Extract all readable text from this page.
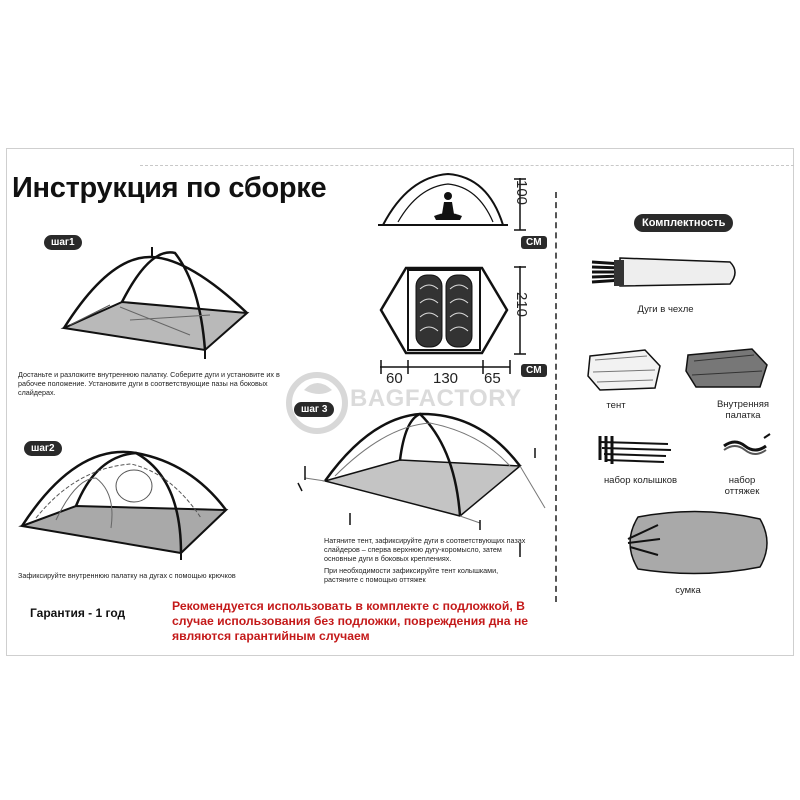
Инструкция по сборке
шаг1
Достаньте и разложите внутреннюю палатку. Соберите дуги и установите их в рабочее положение. Установите дуги в соответствующие пазы на боковых слайдерах.
шаг2
Зафиксируйте внутреннюю палатку на дугах с помощью крючков
шаг 3
Натяните тент, зафиксируйте дуги в соответствующих пазах слайдеров – сперва верхнюю дугу-коромысло, затем основные дуги в боковых креплениях.
При необходимости зафиксируйте тент колышками, растяните с помощью оттяжек
100
CM
210
CM
60 130 65
BAGFACTORY
Комплектность
Дуги в чехле
тент	Внутренняя палатка
набор колышков	набор оттяжек
сумка
Гарантия - 1 год	Рекомендуется использовать в комплекте с подложкой, В случае использования без подложки, повреждения дна не являются гарантийным случаем
